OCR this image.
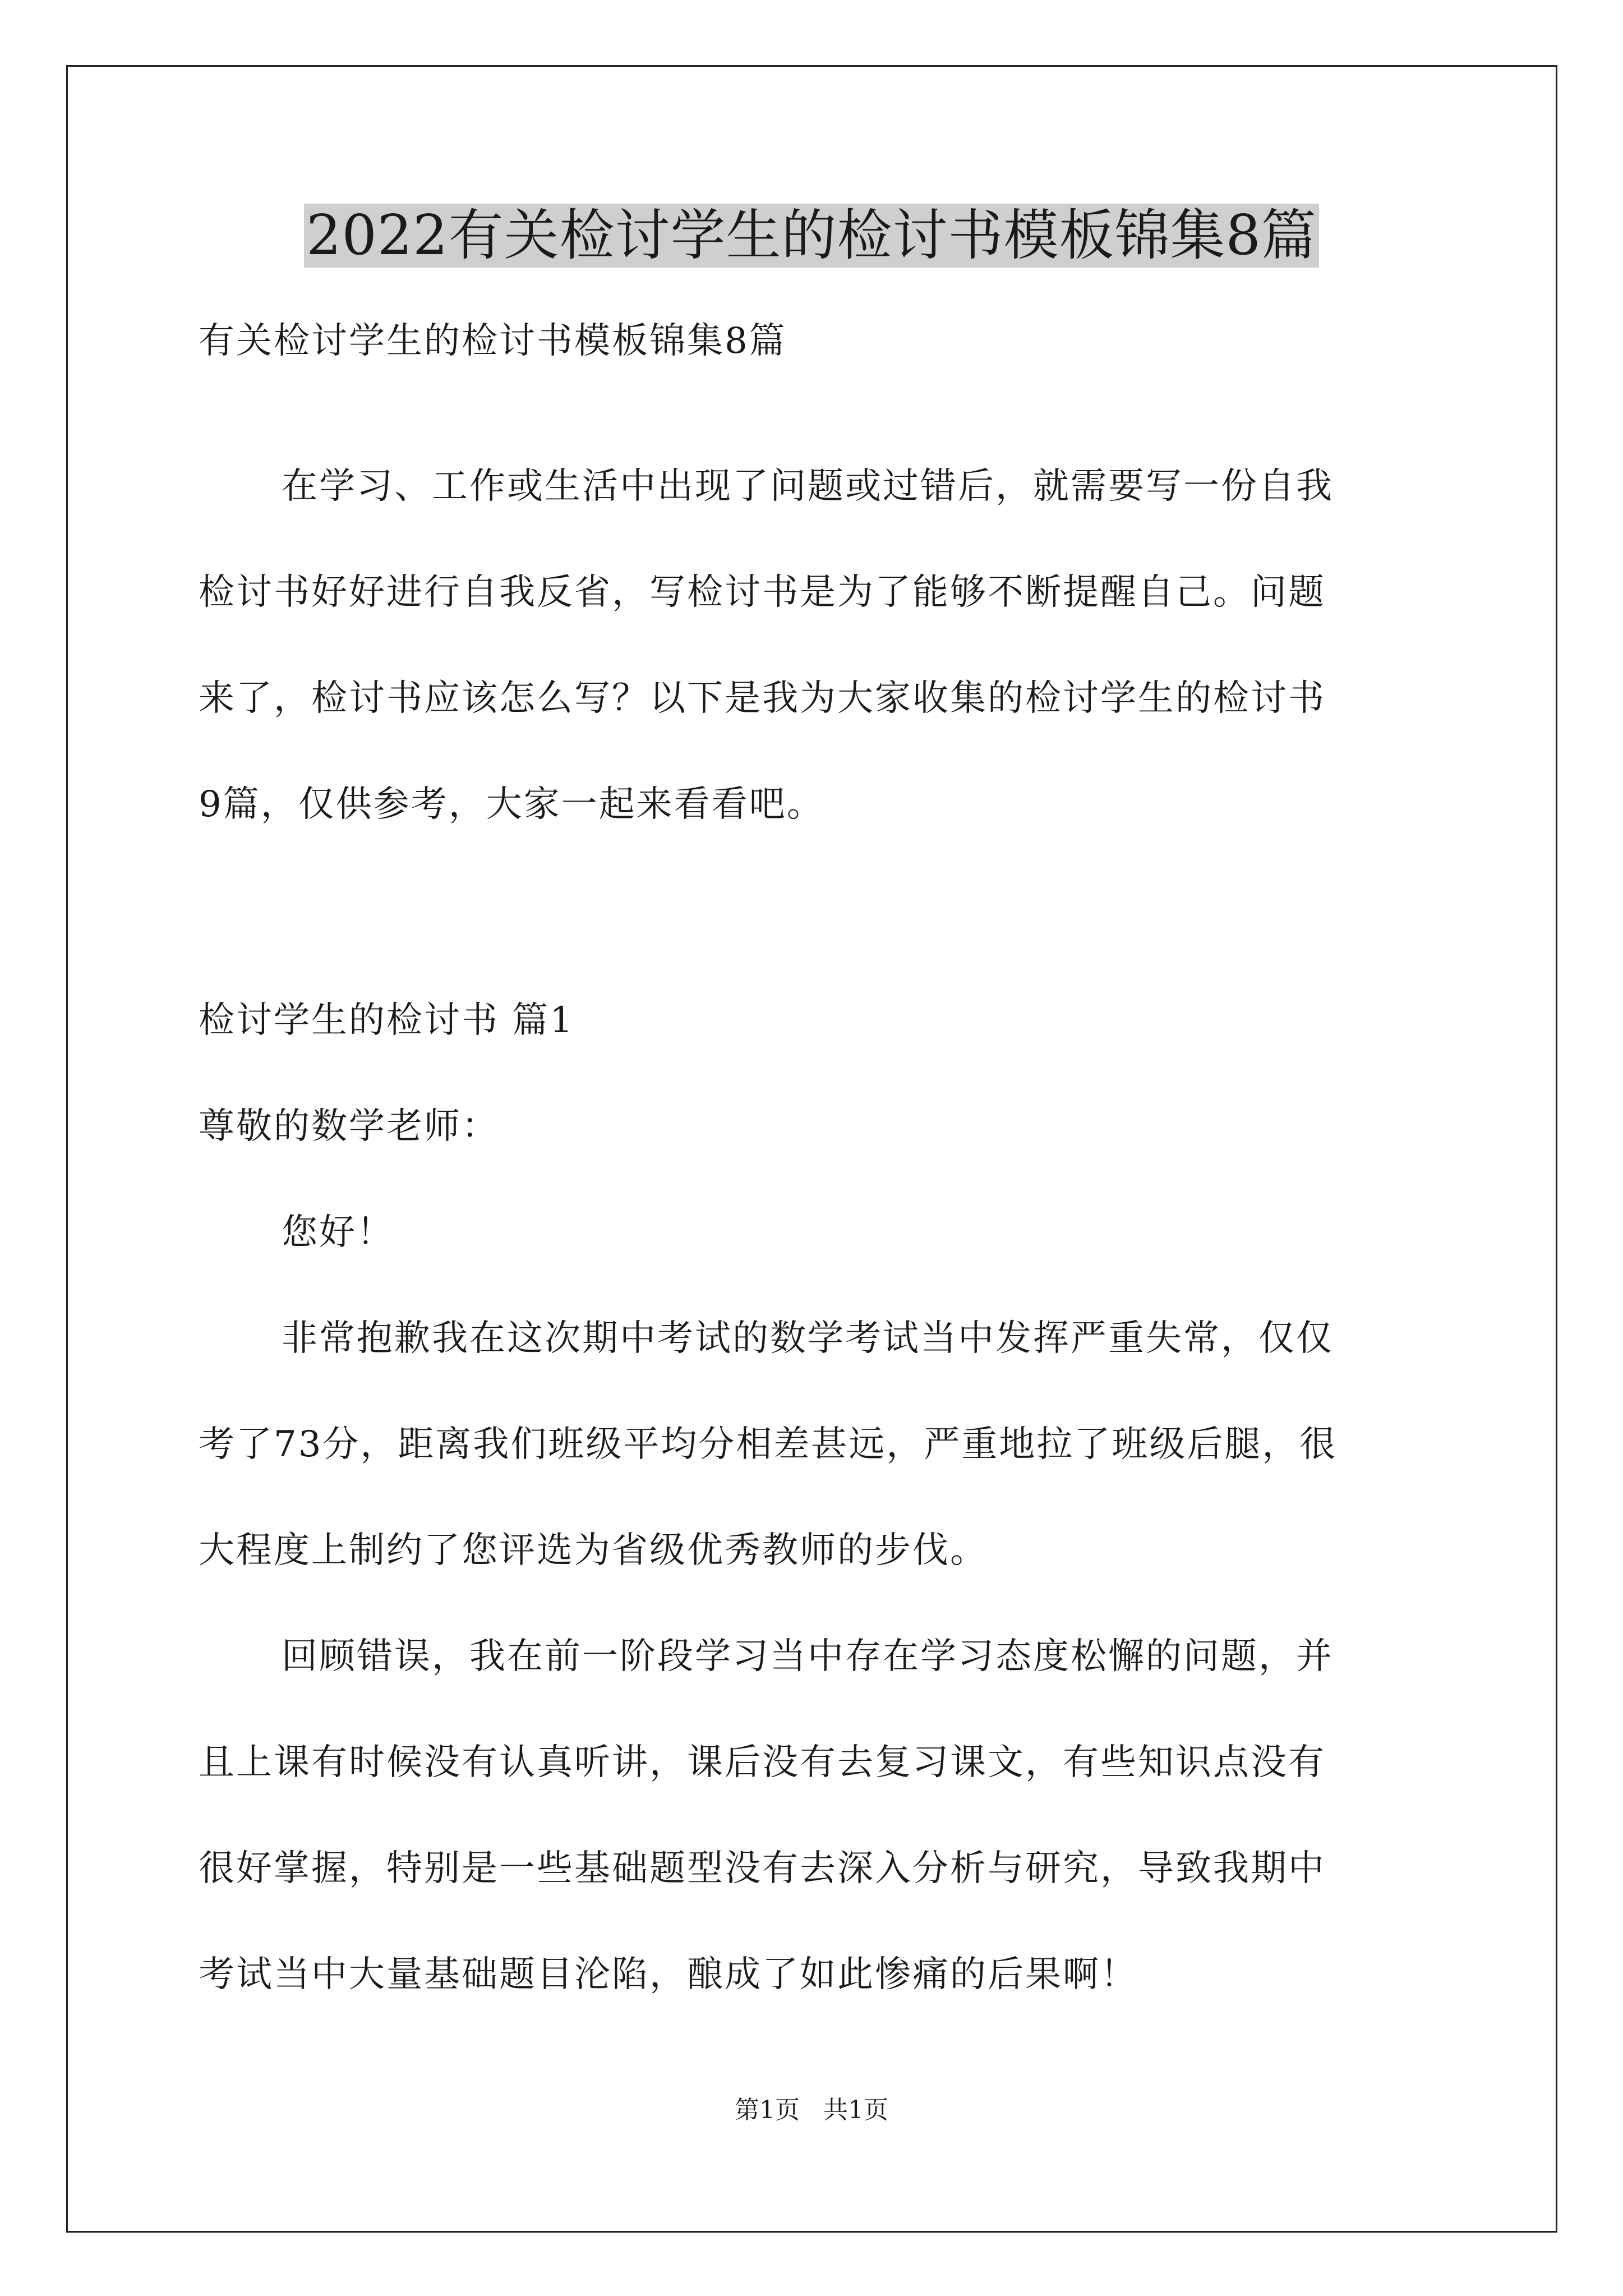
2022有关检讨学生的检讨书模板锦集8篇
有关检讨学生的检讨书模板锦集8篇
在学习、工作或生活中出现了问题或过错后，就需要写一份自我
检讨书好好进行自我反省，写检讨书是为了能够不断提醒自己。问题
来了，检讨书应该怎么写？以下是我为大家收集的检讨学生的检讨书
9篇，仅供参考，大家一起来看看吧。
检讨学生的检讨书 篇1
尊敬的数学老师：
您好！
非常抱歉我在这次期中考试的数学考试当中发挥严重失常，仅仅
考了73分，距离我们班级平均分相差甚远，严重地拉了班级后腿，很
大程度上制约了您评选为省级优秀教师的步伐。
回顾错误，我在前一阶段学习当中存在学习态度松懈的问题，并
且上课有时候没有认真听讲，课后没有去复习课文，有些知识点没有
很好掌握，特别是一些基础题型没有去深入分析与研究，导致我期中
考试当中大量基础题目沦陷，酿成了如此惨痛的后果啊！
第1页   共1页
